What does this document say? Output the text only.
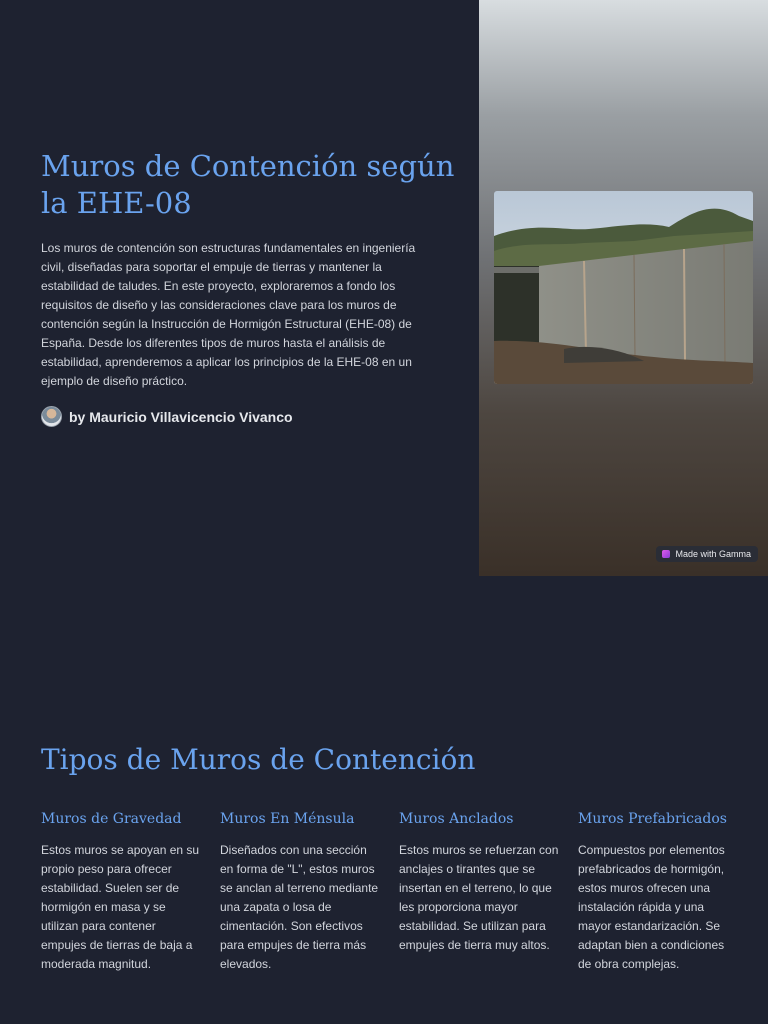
Muros de Contención según la EHE-08

Los muros de contención son estructuras fundamentales en ingeniería civil, diseñadas para soportar el empuje de tierras y mantener la estabilidad de taludes. En este proyecto, exploraremos a fondo los requisitos de diseño y las consideraciones clave para los muros de contención según la Instrucción de Hormigón Estructural (EHE-08) de España. Desde los diferentes tipos de muros hasta el análisis de estabilidad, aprenderemos a aplicar los principios de la EHE-08 en un ejemplo de diseño práctico.

by Mauricio Villavicencio Vivanco
Made with Gamma
Tipos de Muros de Contención
Muros de Gravedad

Estos muros se apoyan en su propio peso para ofrecer estabilidad. Suelen ser de hormigón en masa y se utilizan para contener empujes de tierras de baja a moderada magnitud.

Muros En Ménsula

Diseñados con una sección en forma de "L", estos muros se anclan al terreno mediante una zapata o losa de cimentación. Son efectivos para empujes de tierra más elevados.

Muros Anclados

Estos muros se refuerzan con anclajes o tirantes que se insertan en el terreno, lo que les proporciona mayor estabilidad. Se utilizan para empujes de tierra muy altos.

Muros Prefabricados

Compuestos por elementos prefabricados de hormigón, estos muros ofrecen una instalación rápida y una mayor estandarización. Se adaptan bien a condiciones de obra complejas.
